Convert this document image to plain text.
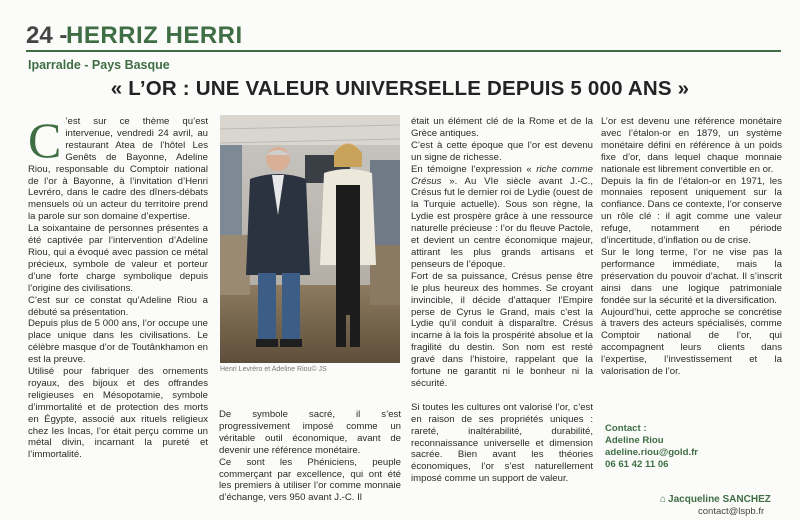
24 -
HERRIZ HERRI
Iparralde - Pays Basque
« L’OR : UNE VALEUR UNIVERSELLE DEPUIS 5 000 ANS »

C ’est sur ce thème qu’est intervenue, vendredi 24 avril, au restaurant Atea de l’hôtel Les Genêts de Bayonne, Adeline Riou, responsable du Comptoir national de l’or à Bayonne, à l’invitation d’Henri Levréro, dans le cadre des dîners-débats mensuels où un acteur du territoire prend la parole sur son domaine d’expertise.

La soixantaine de personnes présentes a été captivée par l’intervention d’Adeline Riou, qui a évoqué avec passion ce métal précieux, symbole de valeur et porteur d’une forte charge symbolique depuis l’origine des civilisations.

C’est sur ce constat qu’Adeline Riou a débuté sa présentation.

Depuis plus de 5 000 ans, l’or occupe une place unique dans les civilisations. Le célèbre masque d’or de Toutânkhamon en est la preuve.

Utilisé pour fabriquer des ornements royaux, des bijoux et des offrandes religieuses en Mésopotamie, symbole d’immortalité et de protection des morts en Égypte, associé aux rituels religieux chez les Incas, l’or était perçu comme un métal divin, incarnant la pureté et l’immortalité.

Henri Levréro et Adeline Riou© JS

De symbole sacré, il s’est progressivement imposé comme un véritable outil économique, avant de devenir une référence monétaire.

Ce sont les Phéniciens, peuple commerçant par excellence, qui ont été les premiers à utiliser l’or comme monnaie d’échange, vers 950 avant J.-C. Il

était un élément clé de la Rome et de la Grèce antiques.

C’est à cette époque que l’or est devenu un signe de richesse.

En témoigne l’expression « riche comme Crésus ». Au VIe siècle avant J.-C., Crésus fut le dernier roi de Lydie (ouest de la Turquie actuelle). Sous son règne, la Lydie est prospère grâce à une ressource naturelle précieuse : l’or du fleuve Pactole, et devient un centre économique majeur, attirant les plus grands artisans et penseurs de l’époque.

Fort de sa puissance, Crésus pense être le plus heureux des hommes. Se croyant invincible, il décide d’attaquer l’Empire perse de Cyrus le Grand, mais c’est la Lydie qu’il conduit à disparaître. Crésus incarne à la fois la prospérité absolue et la fragilité du destin. Son nom est resté gravé dans l’histoire, rappelant que la fortune ne garantit ni le bonheur ni la sécurité.

Si toutes les cultures ont valorisé l’or, c’est en raison de ses propriétés uniques : rareté, inaltérabilité, durabilité, reconnaissance universelle et dimension sacrée. Bien avant les théories économiques, l’or s’est naturellement imposé comme un support de valeur.

L’or est devenu une référence monétaire avec l’étalon-or en 1879, un système monétaire défini en référence à un poids fixe d’or, dans lequel chaque monnaie nationale est librement convertible en or.

Depuis la fin de l’étalon-or en 1971, les monnaies reposent uniquement sur la confiance. Dans ce contexte, l’or conserve un rôle clé : il agit comme une valeur refuge, notamment en période d’incertitude, d’inflation ou de crise.

Sur le long terme, l’or ne vise pas la performance immédiate, mais la préservation du pouvoir d’achat. Il s’inscrit ainsi dans une logique patrimoniale fondée sur la sécurité et la diversification.

Aujourd’hui, cette approche se concrétise à travers des acteurs spécialisés, comme Comptoir national de l’or, qui accompagnent leurs clients dans l’expertise, l’investissement et la valorisation de l’or.

Contact :
Adeline Riou
adeline.riou@gold.fr
06 61 42 11 06
⌂ Jacqueline SANCHEZ
contact@lspb.fr
